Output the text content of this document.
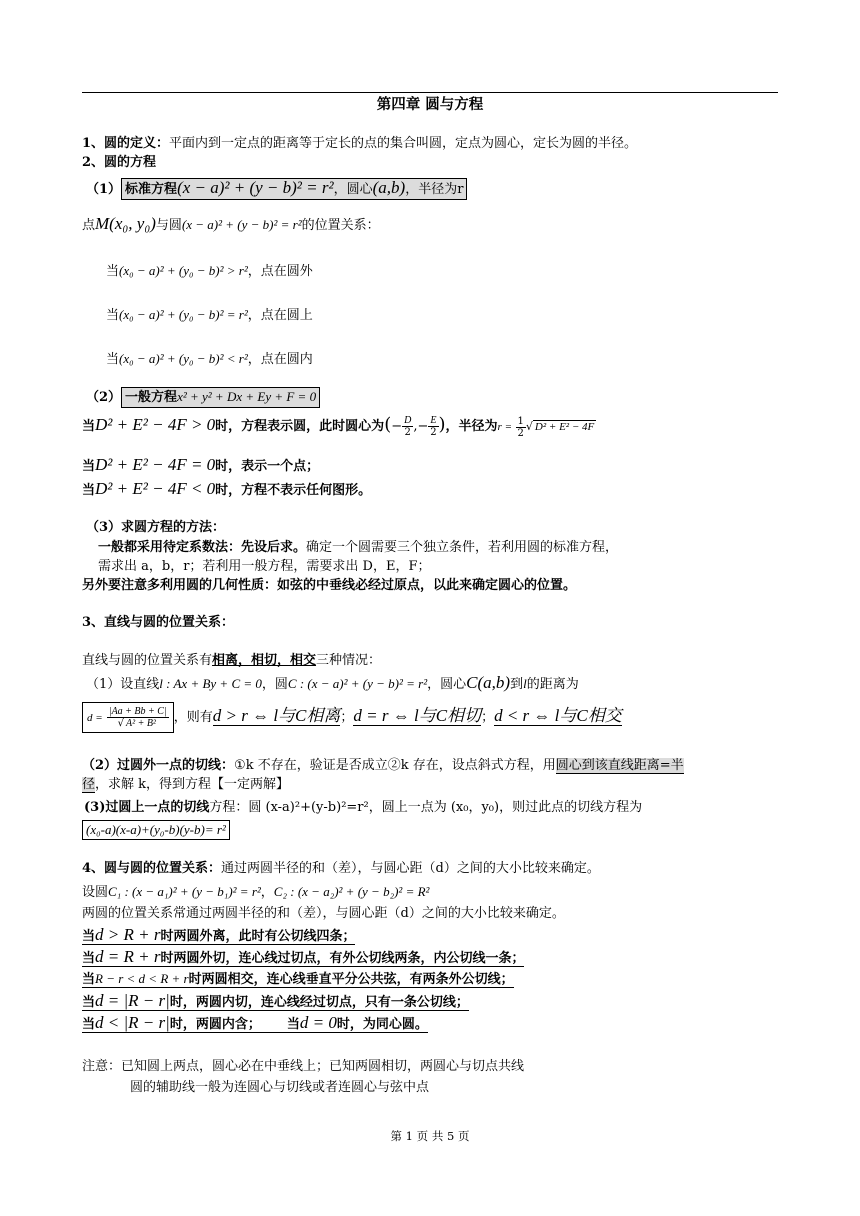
第四章 圆与方程
1、圆的定义：平面内到一定点的距离等于定长的点的集合叫圆，定点为圆心，定长为圆的半径。
2、圆的方程
（1） 标准方程(x − a)² + (y − b)² = r²，圆心(a,b)，半径为r
点M(x₀, y₀)与圆(x − a)² + (y − b)² = r²的位置关系：
当(x₀ − a)² + (y₀ − b)² > r²，点在圆外
当(x₀ − a)² + (y₀ − b)² = r²，点在圆上
当(x₀ − a)² + (y₀ − b)² < r²，点在圆内
（2） 一般方程x² + y² + Dx + Ey + F = 0
当D² + E² − 4F > 0时，方程表示圆，此时圆心为(− $\frac{D}{2}$ ,− $\frac{E}{2}$ )，半径为$r = \frac{1}{2}$ √ D² + E² − 4F
当D² + E² − 4F = 0时，表示一个点；
当D² + E² − 4F < 0时，方程不表示任何图形。
（3）求圆方程的方法：
一般都采用待定系数法：先设后求。确定一个圆需要三个独立条件，若利用圆的标准方程，
需求出 a，b，r；若利用一般方程，需要求出 D，E，F；
另外要注意多利用圆的几何性质：如弦的中垂线必经过原点，以此来确定圆心的位置。
3、直线与圆的位置关系：
直线与圆的位置关系有相离，相切，相交三种情况：
（1）设直线l : Ax + By + C = 0，圆C : (x − a)² + (y − b)² = r²，圆心C(a,b)到l的距离为
$d = \frac{|Aa + Bb + C|}{\text{√ A² + B²}}$ ，则有d > r ⇔ l与C相离；d = r ⇔ l与C相切；d < r ⇔ l与C相交
（2）过圆外一点的切线：①k 不存在，验证是否成立②k 存在，设点斜式方程，用圆心到该直线距离=半
径，求解 k，得到方程【一定两解】
(3)过圆上一点的切线方程：圆 (x-a)²+(y-b)²=r²，圆上一点为 (x₀，y₀)，则过此点的切线方程为
(x₀-a)(x-a)+(y₀-b)(y-b)= r²
4、圆与圆的位置关系：通过两圆半径的和（差），与圆心距（d）之间的大小比较来确定。
设圆C₁ : (x − a₁)² + (y − b₁)² = r²，C₂ : (x − a₂)² + (y − b₂)² = R²
两圆的位置关系常通过两圆半径的和（差），与圆心距（d）之间的大小比较来确定。
当d > R + r时两圆外离，此时有公切线四条；
当d = R + r时两圆外切，连心线过切点，有外公切线两条，内公切线一条；
当R − r < d < R + r时两圆相交，连心线垂直平分公共弦，有两条外公切线；
当d = |R − r|时，两圆内切，连心线经过切点，只有一条公切线；
当d < |R − r|时，两圆内含； 当d = 0时，为同心圆。
注意：已知圆上两点，圆心必在中垂线上；已知两圆相切，两圆心与切点共线
圆的辅助线一般为连圆心与切线或者连圆心与弦中点
第 1 页 共 5 页
